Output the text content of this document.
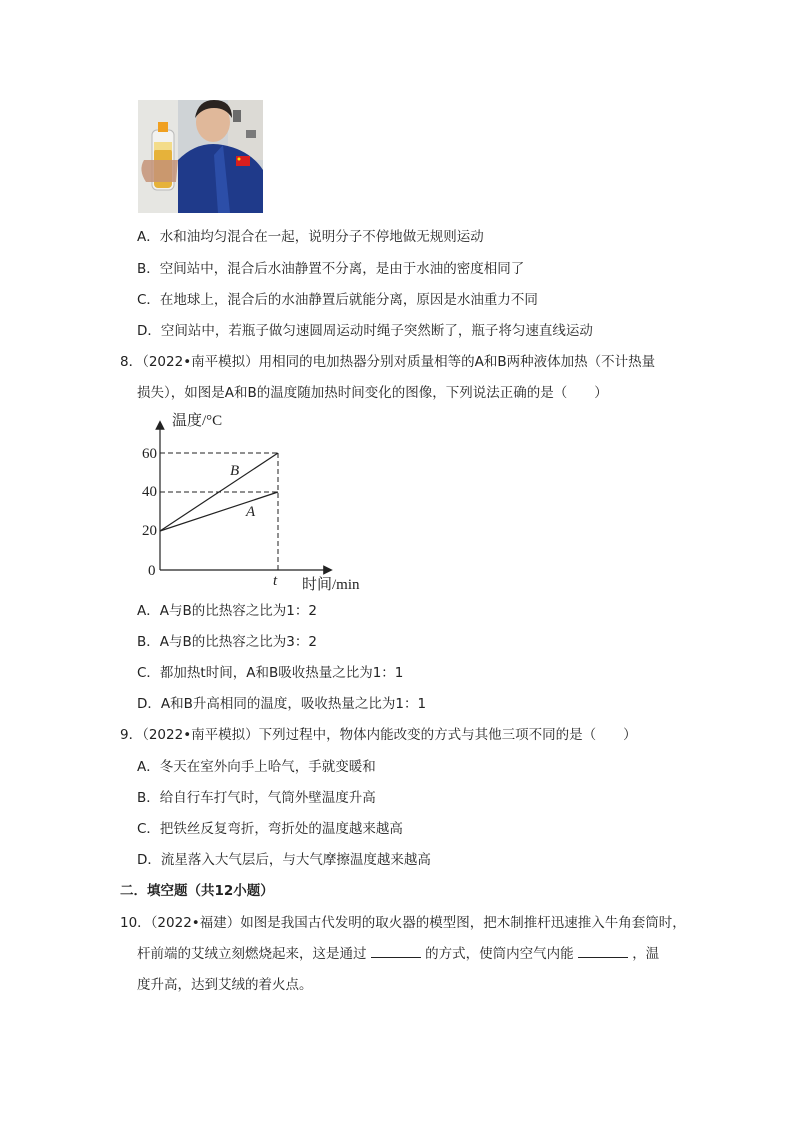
A．水和油均匀混合在一起，说明分子不停地做无规则运动
B．空间站中，混合后水油静置不分离，是由于水油的密度相同了
C．在地球上，混合后的水油静置后就能分离，原因是水油重力不同
D．空间站中，若瓶子做匀速圆周运动时绳子突然断了，瓶子将匀速直线运动
8．（2022•南平模拟）用相同的电加热器分别对质量相等的A和B两种液体加热（不计热量
损失），如图是A和B的温度随加热时间变化的图像，下列说法正确的是（　　）
温度/°C
时间/min
60
40
20
0
t
B
A
A．A与B的比热容之比为1：2
B．A与B的比热容之比为3：2
C．都加热t时间，A和B吸收热量之比为1：1
D．A和B升高相同的温度，吸收热量之比为1：1
9．（2022•南平模拟）下列过程中，物体内能改变的方式与其他三项不同的是（　　）
A．冬天在室外向手上哈气，手就变暖和
B．给自行车打气时，气筒外壁温度升高
C．把铁丝反复弯折，弯折处的温度越来越高
D．流星落入大气层后，与大气摩擦温度越来越高
二．填空题（共12小题）
10．（2022•福建）如图是我国古代发明的取火器的模型图，把木制推杆迅速推入牛角套筒时，
杆前端的艾绒立刻燃烧起来，这是通过	的方式，使筒内空气内能	，温
度升高，达到艾绒的着火点。
